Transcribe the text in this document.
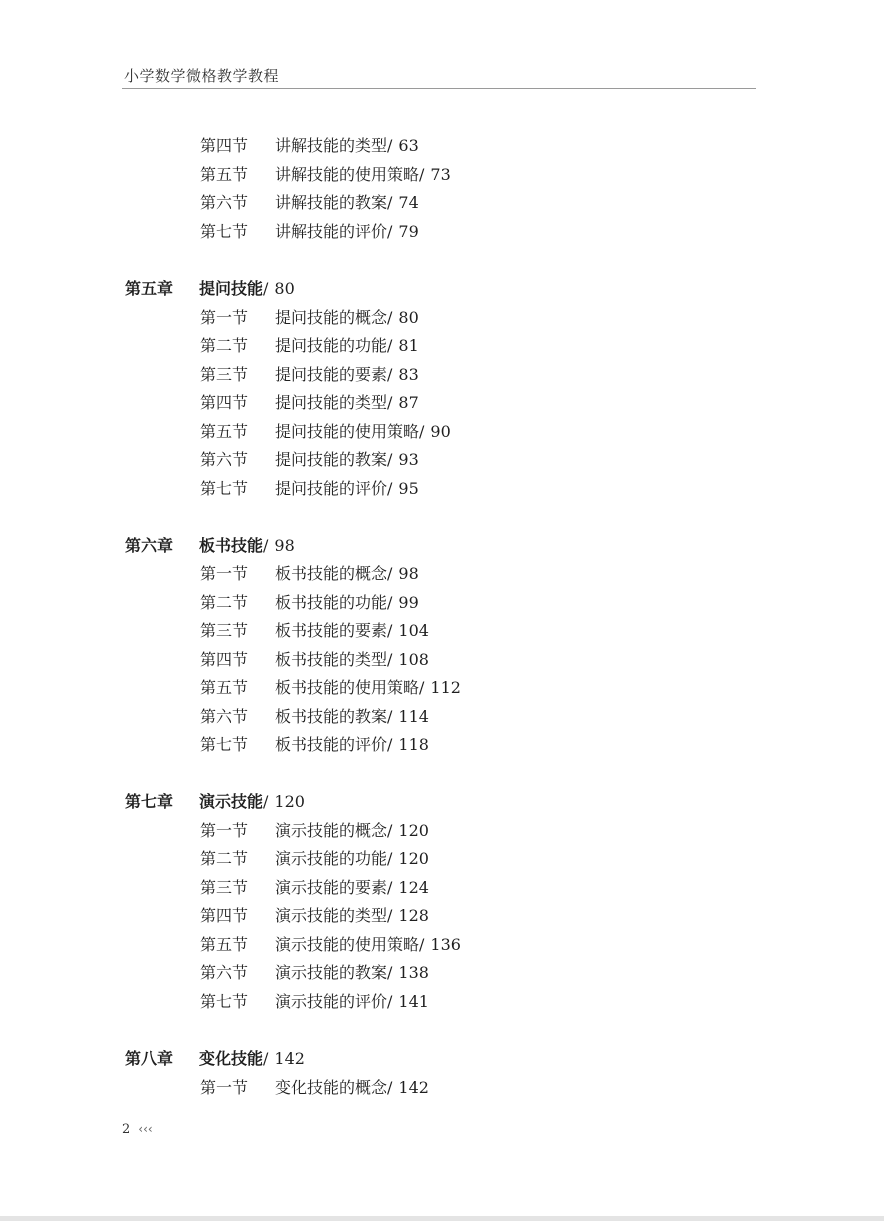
小学数学微格教学教程
第四节 讲解技能的类型/ 63
第五节 讲解技能的使用策略/ 73
第六节 讲解技能的教案/ 74
第七节 讲解技能的评价/ 79
第五章 提问技能/ 80
第一节 提问技能的概念/ 80
第二节 提问技能的功能/ 81
第三节 提问技能的要素/ 83
第四节 提问技能的类型/ 87
第五节 提问技能的使用策略/ 90
第六节 提问技能的教案/ 93
第七节 提问技能的评价/ 95
第六章 板书技能/ 98
第一节 板书技能的概念/ 98
第二节 板书技能的功能/ 99
第三节 板书技能的要素/ 104
第四节 板书技能的类型/ 108
第五节 板书技能的使用策略/ 112
第六节 板书技能的教案/ 114
第七节 板书技能的评价/ 118
第七章 演示技能/ 120
第一节 演示技能的概念/ 120
第二节 演示技能的功能/ 120
第三节 演示技能的要素/ 124
第四节 演示技能的类型/ 128
第五节 演示技能的使用策略/ 136
第六节 演示技能的教案/ 138
第七节 演示技能的评价/ 141
第八章 变化技能/ 142
第一节 变化技能的概念/ 142
2 ‹‹‹
